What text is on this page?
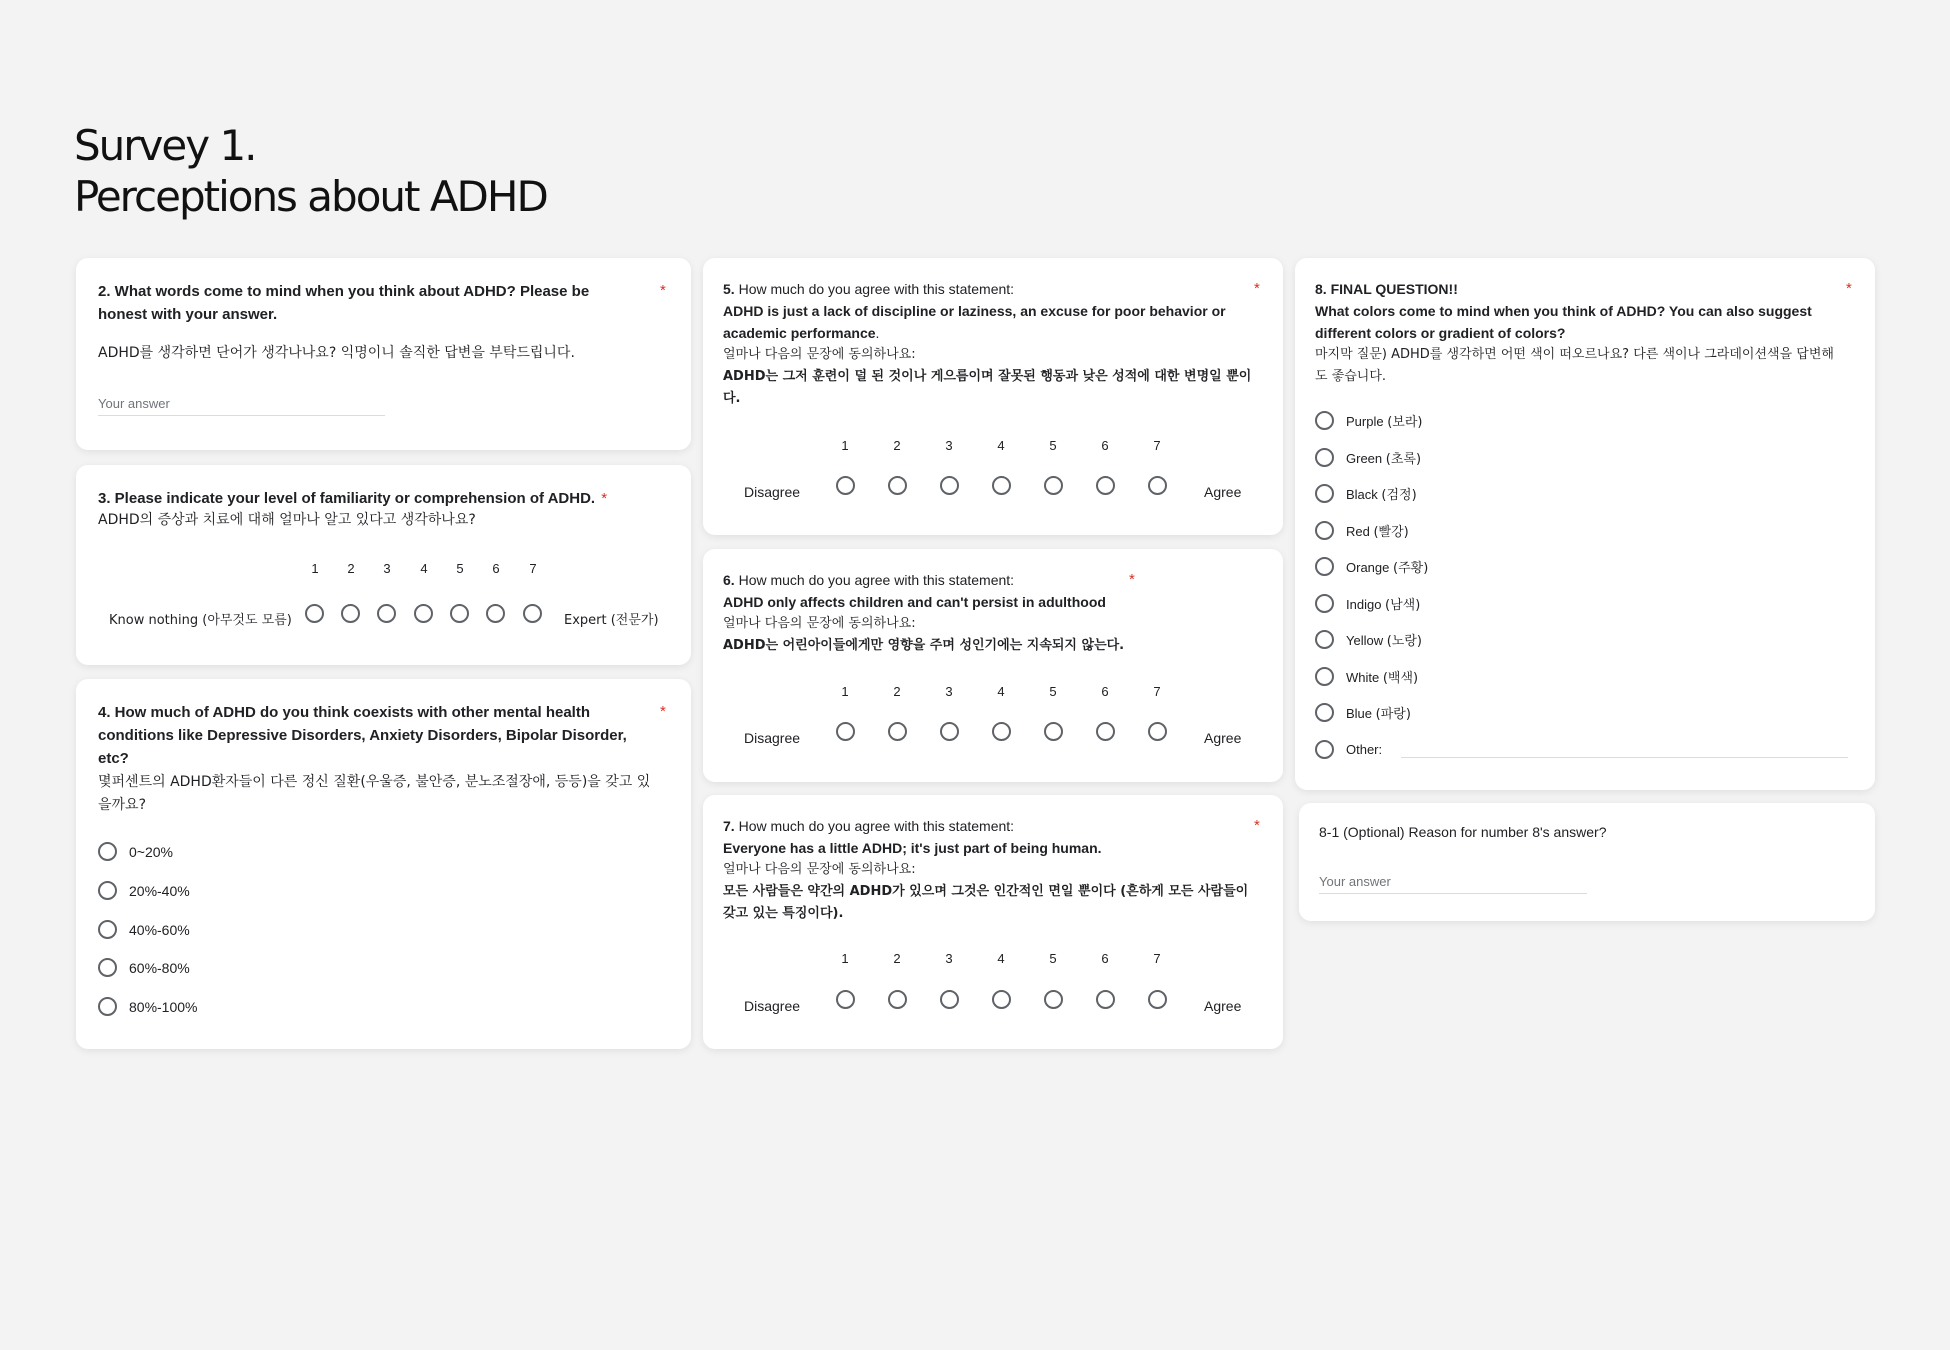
Survey 1.
Perceptions about ADHD
2. What words come to mind when you think about ADHD? Please be honest with your answer.
*
ADHD를 생각하면 단어가 생각나나요? 익명이니 솔직한 답변을 부탁드립니다.
Your answer
3. Please indicate your level of familiarity or comprehension of ADHD. *
ADHD의 증상과 치료에 대해 얼마나 알고 있다고 생각하나요?
1	2	3	4	5	6	7
Know nothing (아무것도 모름)	Expert (전문가)
4. How much of ADHD do you think coexists with other mental health conditions like Depressive Disorders, Anxiety Disorders, Bipolar Disorder, etc?
*
몇퍼센트의 ADHD환자들이 다른 정신 질환(우울증, 불안증, 분노조절장애, 등등)을 갖고 있을까요?
0~20%
20%-40%
40%-60%
60%-80%
80%-100%
5. How much do you agree with this statement:
ADHD is just a lack of discipline or laziness, an excuse for poor behavior or academic performance.
얼마나 다음의 문장에 동의하나요:
ADHD는 그저 훈련이 덜 된 것이나 게으름이며 잘못된 행동과 낮은 성적에 대한 변명일 뿐이다.
*
1	2	3	4	5	6	7
Disagree	Agree
6. How much do you agree with this statement:
ADHD only affects children and can't persist in adulthood
얼마나 다음의 문장에 동의하나요:
ADHD는 어린아이들에게만 영향을 주며 성인기에는 지속되지 않는다.
*
1	2	3	4	5	6	7
Disagree	Agree
7. How much do you agree with this statement:
Everyone has a little ADHD; it's just part of being human.
얼마나 다음의 문장에 동의하나요:
모든 사람들은 약간의 ADHD가 있으며 그것은 인간적인 면일 뿐이다 (흔하게 모든 사람들이 갖고 있는 특징이다).
*
1	2	3	4	5	6	7
Disagree	Agree
8. FINAL QUESTION!!
What colors come to mind when you think of ADHD? You can also suggest different colors or gradient of colors?
마지막 질문) ADHD를 생각하면 어떤 색이 떠오르나요? 다른 색이나 그라데이션색을 답변해도 좋습니다.
*
Purple (보라)
Green (초록)
Black (검정)
Red (빨강)
Orange (주황)
Indigo (남색)
Yellow (노랑)
White (백색)
Blue (파랑)
Other:
8-1 (Optional) Reason for number 8's answer?
Your answer
